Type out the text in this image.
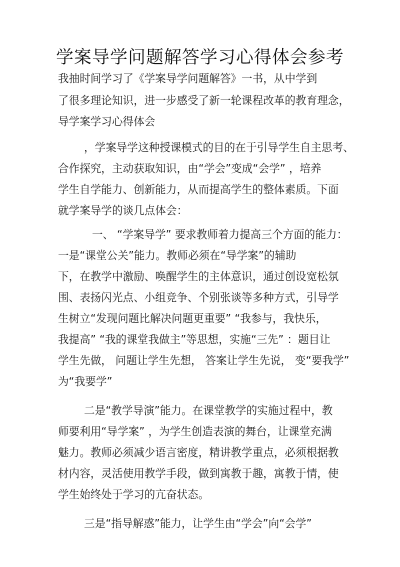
学案导学问题解答学习心得体会参考
我抽时间学习了《学案导学问题解答》一书，从中学到
了很多理论知识，进一步感受了新一轮课程改革的教育理念，
导学案学习心得体会
，学案导学这种授课模式的目的在于引导学生自主思考、
合作探究，主动获取知识，由“学会”变成“会学” ，培养
学生自学能力、创新能力，从而提高学生的整体素质。下面
就学案导学的谈几点体会：
一、 “学案导学” 要求教师着力提高三个方面的能力：
一是“课堂公关”能力。教师必须在“导学案”的辅助
下，在教学中激励、唤醒学生的主体意识，通过创设宽松氛
围、表扬闪光点、小组竞争、个别张谈等多种方式，引导学
生树立“发现问题比解决问题更重要” “我参与，我快乐，
我提高” “我的课堂我做主”等思想，实施“三先” ：题目让
学生先做， 问题让学生先想， 答案让学生先说， 变“要我学”
为“我要学”
二是“教学导演”能力。在课堂教学的实施过程中，教
师要利用“导学案” ，为学生创造表演的舞台，让课堂充满
魅力。教师必须减少语言密度，精讲教学重点，必须根据教
材内容，灵活使用教学手段，做到寓教于趣，寓教于情，使
学生始终处于学习的亢奋状态。
三是“指导解惑”能力，让学生由“学会”向“会学”
